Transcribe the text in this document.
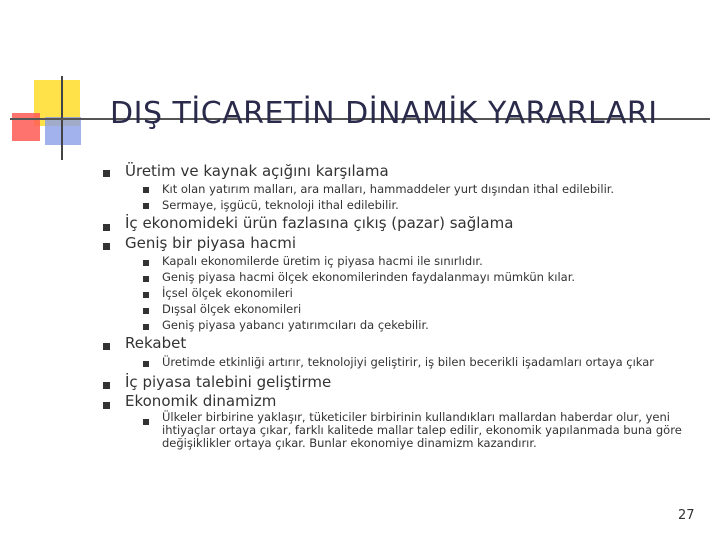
DIŞ TİCARETİN DİNAMİK YARARLARI
Üretim ve kaynak açığını karşılama
Kıt olan yatırım malları, ara malları, hammaddeler yurt dışından ithal edilebilir.
Sermaye, işgücü, teknoloji ithal edilebilir.
İç ekonomideki ürün fazlasına çıkış (pazar) sağlama
Geniş bir piyasa hacmi
Kapalı ekonomilerde üretim iç piyasa hacmi ile sınırlıdır.
Geniş piyasa hacmi ölçek ekonomilerinden faydalanmayı mümkün kılar.
İçsel ölçek ekonomileri
Dışsal ölçek ekonomileri
Geniş piyasa yabancı yatırımcıları da çekebilir.
Rekabet
Üretimde etkinliği artırır, teknolojiyi geliştirir, iş bilen becerikli işadamları ortaya çıkar
İç piyasa talebini geliştirme
Ekonomik dinamizm
Ülkeler birbirine yaklaşır, tüketiciler birbirinin kullandıkları mallardan haberdar olur, yeni ihtiyaçlar ortaya çıkar, farklı kalitede mallar talep edilir, ekonomik yapılanmada buna göre değişiklikler ortaya çıkar. Bunlar ekonomiye dinamizm kazandırır.
27
